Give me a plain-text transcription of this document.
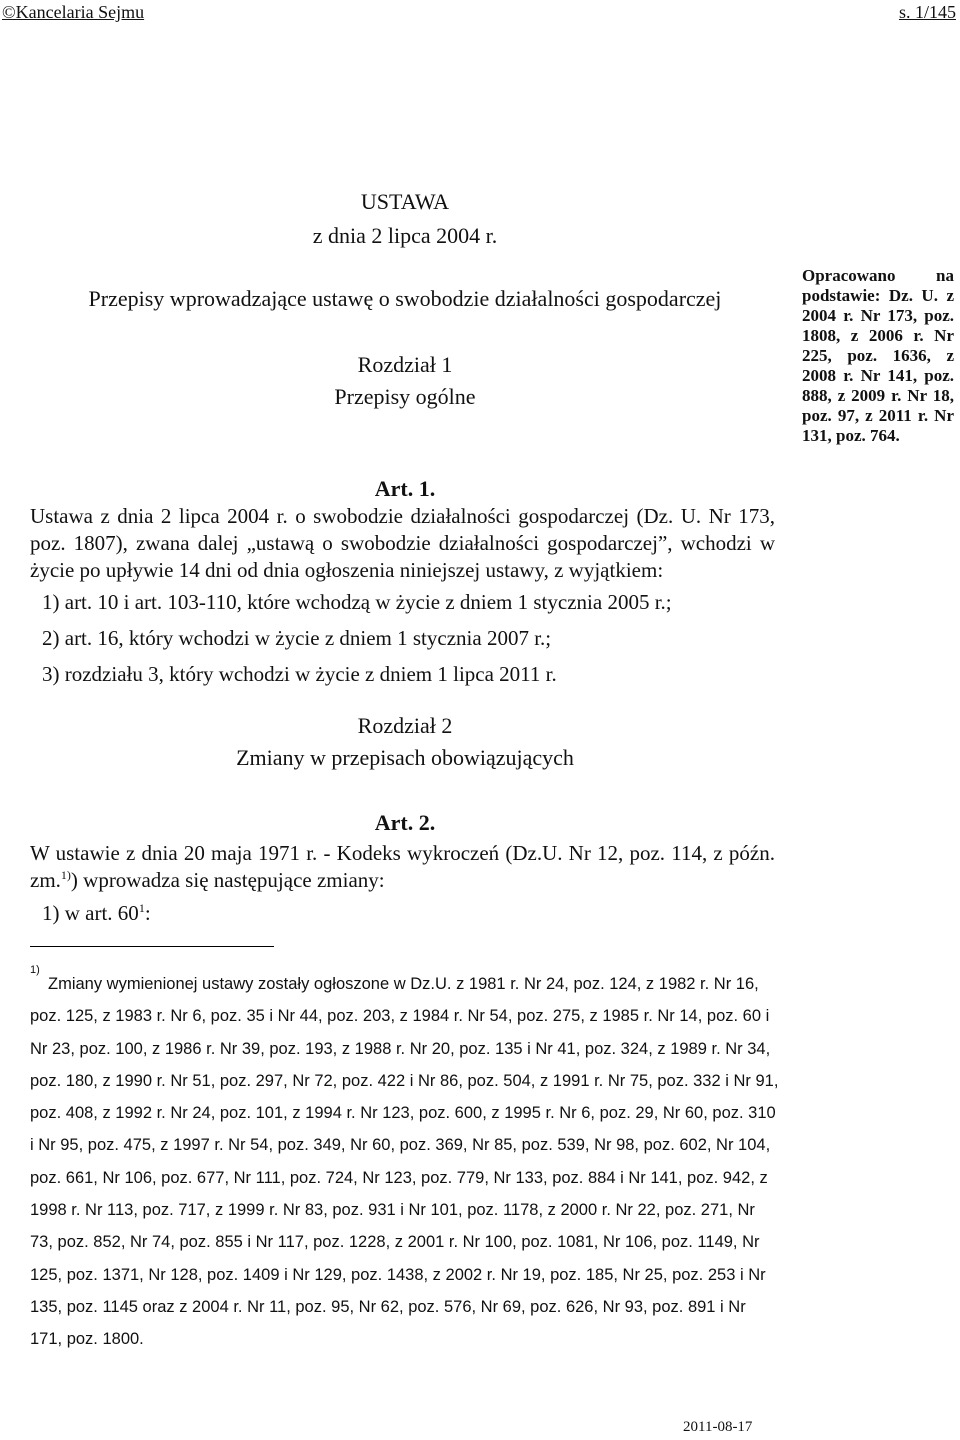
©Kancelaria Sejmu	s. 1/145
USTAWA
z dnia 2 lipca 2004 r.
Przepisy wprowadzające ustawę o swobodzie działalności gospodarczej
Opracowano na podstawie: Dz. U. z 2004 r. Nr 173, poz. 1808, z 2006 r. Nr 225, poz. 1636, z 2008 r. Nr 141, poz. 888, z 2009 r. Nr 18, poz. 97, z 2011 r. Nr 131, poz. 764.
Rozdział 1
Przepisy ogólne
Art. 1.
Ustawa z dnia 2 lipca 2004 r. o swobodzie działalności gospodarczej (Dz. U. Nr 173, poz. 1807), zwana dalej „ustawą o swobodzie działalności gospodarczej”, wchodzi w życie po upływie 14 dni od dnia ogłoszenia niniejszej ustawy, z wyjątkiem:
1) art. 10 i art. 103-110, które wchodzą w życie z dniem 1 stycznia 2005 r.;
2) art. 16, który wchodzi w życie z dniem 1 stycznia 2007 r.;
3) rozdziału 3, który wchodzi w życie z dniem 1 lipca 2011 r.
Rozdział 2
Zmiany w przepisach obowiązujących
Art. 2.
W ustawie z dnia 20 maja 1971 r. - Kodeks wykroczeń (Dz.U. Nr 12, poz. 114, z późn. zm.$^{1)}$) wprowadza się następujące zmiany:
1) w art. $60^1$:
1)
Zmiany wymienionej ustawy zostały ogłoszone w Dz.U. z 1981 r. Nr 24, poz. 124, z 1982 r. Nr 16, poz. 125, z 1983 r. Nr 6, poz. 35 i Nr 44, poz. 203, z 1984 r. Nr 54, poz. 275, z 1985 r. Nr 14, poz. 60 i Nr 23, poz. 100, z 1986 r. Nr 39, poz. 193, z 1988 r. Nr 20, poz. 135 i Nr 41, poz. 324, z 1989 r. Nr 34, poz. 180, z 1990 r. Nr 51, poz. 297, Nr 72, poz. 422 i Nr 86, poz. 504, z 1991 r. Nr 75, poz. 332 i Nr 91, poz. 408, z 1992 r. Nr 24, poz. 101, z 1994 r. Nr 123, poz. 600, z 1995 r. Nr 6, poz. 29, Nr 60, poz. 310 i Nr 95, poz. 475, z 1997 r. Nr 54, poz. 349, Nr 60, poz. 369, Nr 85, poz. 539, Nr 98, poz. 602, Nr 104, poz. 661, Nr 106, poz. 677, Nr 111, poz. 724, Nr 123, poz. 779, Nr 133, poz. 884 i Nr 141, poz. 942, z 1998 r. Nr 113, poz. 717, z 1999 r. Nr 83, poz. 931 i Nr 101, poz. 1178, z 2000 r. Nr 22, poz. 271, Nr 73, poz. 852, Nr 74, poz. 855 i Nr 117, poz. 1228, z 2001 r. Nr 100, poz. 1081, Nr 106, poz. 1149, Nr 125, poz. 1371, Nr 128, poz. 1409 i Nr 129, poz. 1438, z 2002 r. Nr 19, poz. 185, Nr 25, poz. 253 i Nr 135, poz. 1145 oraz z 2004 r. Nr 11, poz. 95, Nr 62, poz. 576, Nr 69, poz. 626, Nr 93, poz. 891 i Nr 171, poz. 1800.
2011-08-17
